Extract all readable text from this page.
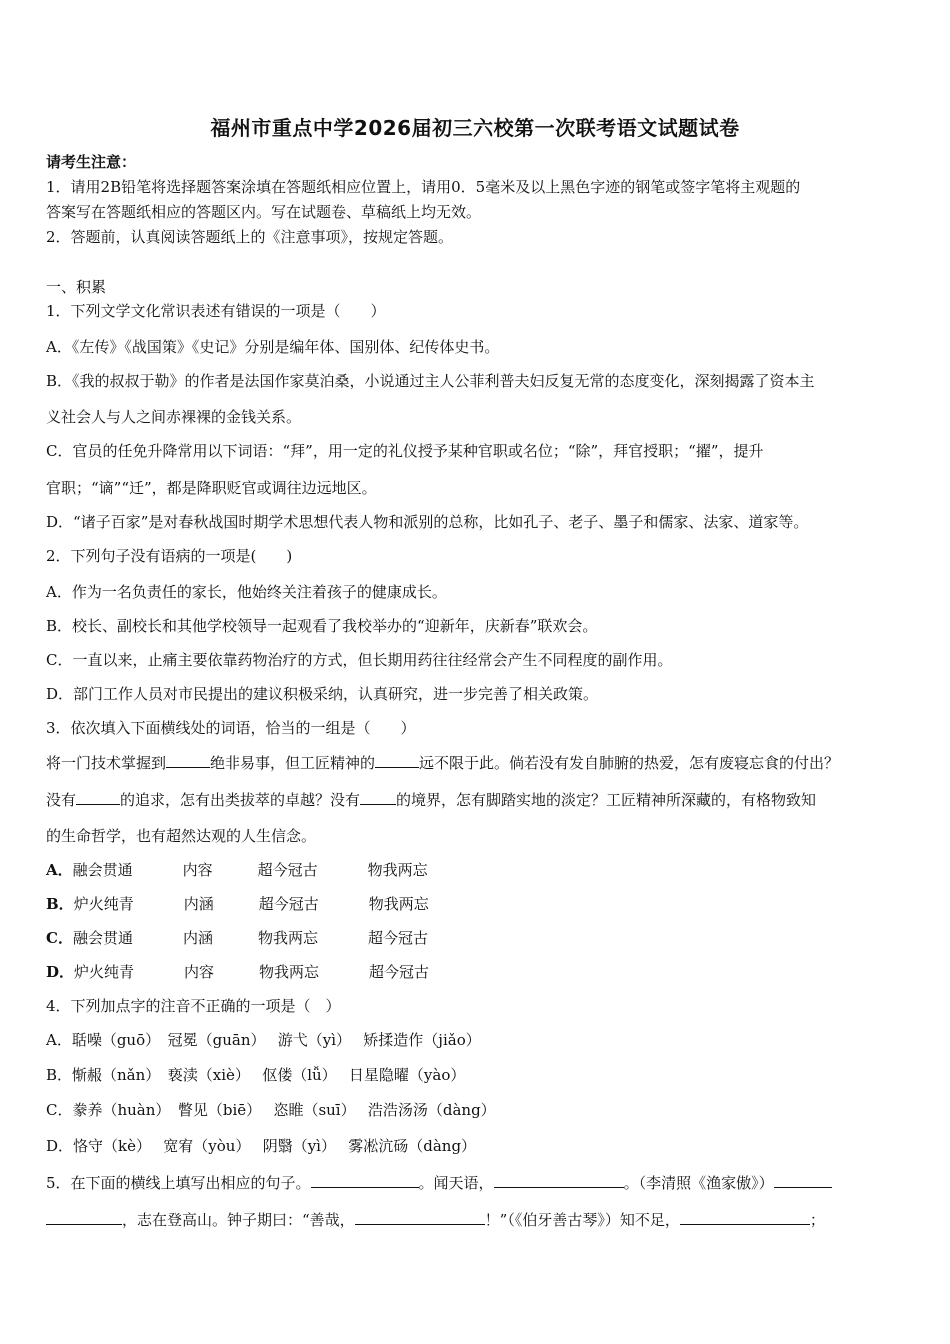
福州市重点中学2026届初三六校第一次联考语文试题试卷
请考生注意：
1．请用2B铅笔将选择题答案涂填在答题纸相应位置上，请用0．5毫米及以上黑色字迹的钢笔或签字笔将主观题的
答案写在答题纸相应的答题区内。写在试题卷、草稿纸上均无效。
2．答题前，认真阅读答题纸上的《注意事项》，按规定答题。
一、积累
1．下列文学文化常识表述有错误的一项是（　　）
A．《左传》《战国策》《史记》分别是编年体、国别体、纪传体史书。
B．《我的叔叔于勒》的作者是法国作家莫泊桑，小说通过主人公菲利普夫妇反复无常的态度变化，深刻揭露了资本主
义社会人与人之间赤裸裸的金钱关系。
C．官员的任免升降常用以下词语：“拜”，用一定的礼仪授予某种官职或名位；“除”，拜官授职；“擢”，提升
官职；“谪”“迁”，都是降职贬官或调往边远地区。
D．“诸子百家”是对春秋战国时期学术思想代表人物和派别的总称，比如孔子、老子、墨子和儒家、法家、道家等。
2．下列句子没有语病的一项是(　　)
A．作为一名负责任的家长，他始终关注着孩子的健康成长。
B．校长、副校长和其他学校领导一起观看了我校举办的“迎新年，庆新春”联欢会。
C．一直以来，止痛主要依靠药物治疗的方式，但长期用药往往经常会产生不同程度的副作用。
D．部门工作人员对市民提出的建议积极采纳，认真研究，进一步完善了相关政策。
3．依次填入下面横线处的词语，恰当的一组是（　　）
将一门技术掌握到	绝非易事，但工匠精神的	远不限于此。倘若没有发自肺腑的热爱，怎有废寝忘食的付出？
没有	的追求，怎有出类拔萃的卓越？没有 的境界，怎有脚踏实地的淡定？工匠精神所深藏的，有格物致知
的生命哲学，也有超然达观的人生信念。
A．融会贯通	内容	超今冠古	物我两忘
B．炉火纯青	内涵	超今冠古	物我两忘
C．融会贯通	内涵	物我两忘	超今冠古
D．炉火纯青	内容	物我两忘	超今冠古
4．下列加点字的注音不正确的一项是（　）
A．聒噪（guō）　冠冕（guān）　 游弋（yì）　 矫揉造作（jiǎo）
B．惭赧（nǎn）　亵渎（xiè）　 伛偻（lǚ）　 日星隐曜（yào）
C．豢养（huàn）　瞥见（biē）　 恣睢（suī）　 浩浩汤汤（dàng）
D．恪守（kè）　 宽宥（yòu）　 阴翳（yì）　 雾凇沆砀（dàng）
5．在下面的横线上填写出相应的句子。	。闻天语，	。（李清照《渔家傲》）
，志在登高山。钟子期曰：“善哉，	！”（《伯牙善古琴》）知不足，	；
